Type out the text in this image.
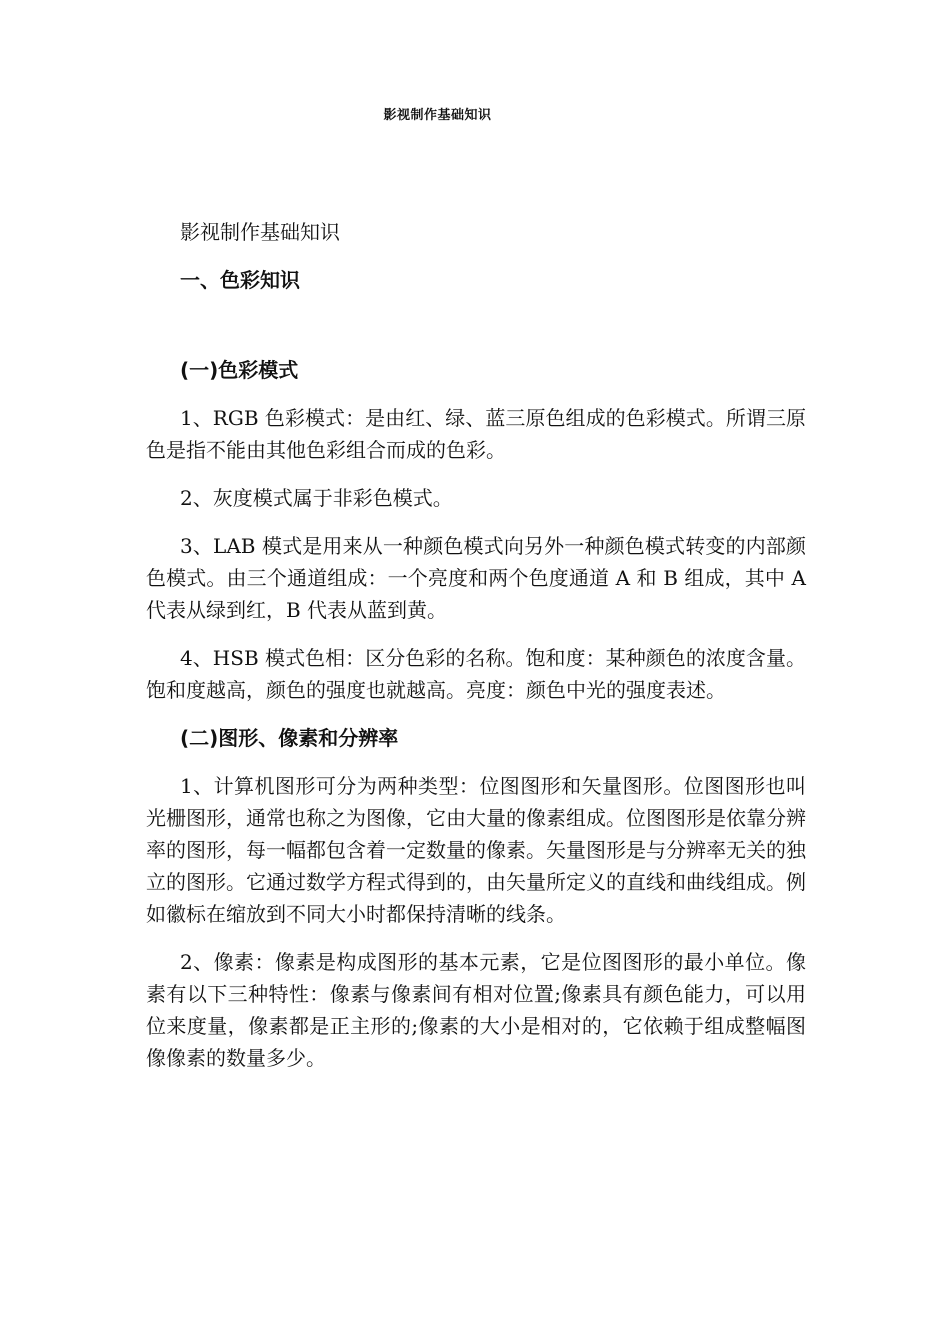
影视制作基础知识

影视制作基础知识

一、色彩知识

(一)色彩模式

1、RGB 色彩模式：是由红、绿、蓝三原色组成的色彩模式。所谓三原色是指不能由其他色彩组合而成的色彩。

2、灰度模式属于非彩色模式。

3、LAB 模式是用来从一种颜色模式向另外一种颜色模式转变的内部颜色模式。由三个通道组成：一个亮度和两个色度通道 A 和 B 组成，其中 A 代表从绿到红，B 代表从蓝到黄。

4、HSB 模式色相：区分色彩的名称。饱和度：某种颜色的浓度含量。饱和度越高，颜色的强度也就越高。亮度：颜色中光的强度表述。

(二)图形、像素和分辨率

1、计算机图形可分为两种类型：位图图形和矢量图形。位图图形也叫光栅图形，通常也称之为图像，它由大量的像素组成。位图图形是依靠分辨率的图形，每一幅都包含着一定数量的像素。矢量图形是与分辨率无关的独立的图形。它通过数学方程式得到的，由矢量所定义的直线和曲线组成。例如徽标在缩放到不同大小时都保持清晰的线条。

2、像素：像素是构成图形的基本元素，它是位图图形的最小单位。像素有以下三种特性：像素与像素间有相对位置;像素具有颜色能力，可以用位来度量，像素都是正主形的;像素的大小是相对的，它依赖于组成整幅图像像素的数量多少。
